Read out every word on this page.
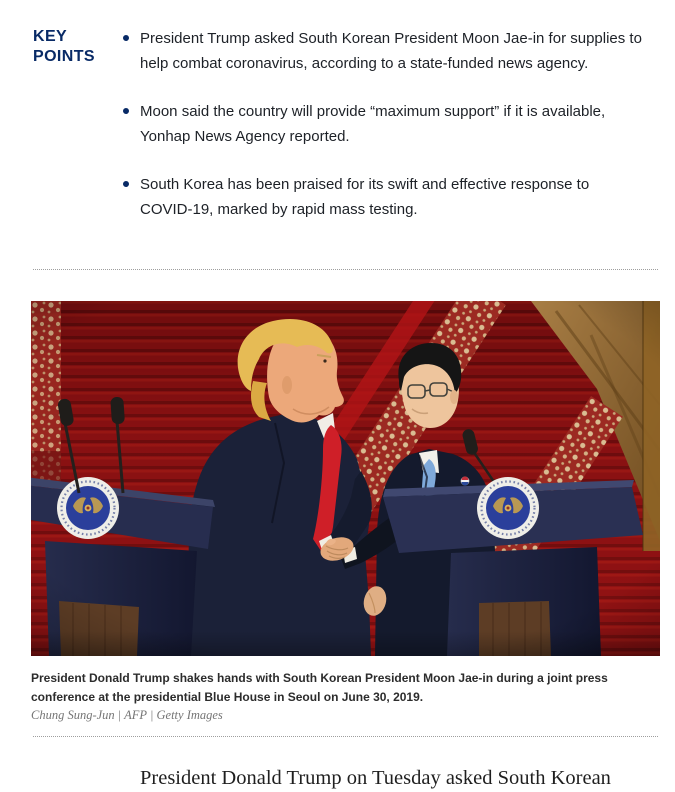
KEY POINTS
President Trump asked South Korean President Moon Jae-in for supplies to help combat coronavirus, according to a state-funded news agency.
Moon said the country will provide “maximum support” if it is available, Yonhap News Agency reported.
South Korea has been praised for its swift and effective response to COVID-19, marked by rapid mass testing.
President Donald Trump shakes hands with South Korean President Moon Jae-in during a joint press conference at the presidential Blue House in Seoul on June 30, 2019.
Chung Sung-Jun | AFP | Getty Images
President Donald Trump on Tuesday asked South Korean
